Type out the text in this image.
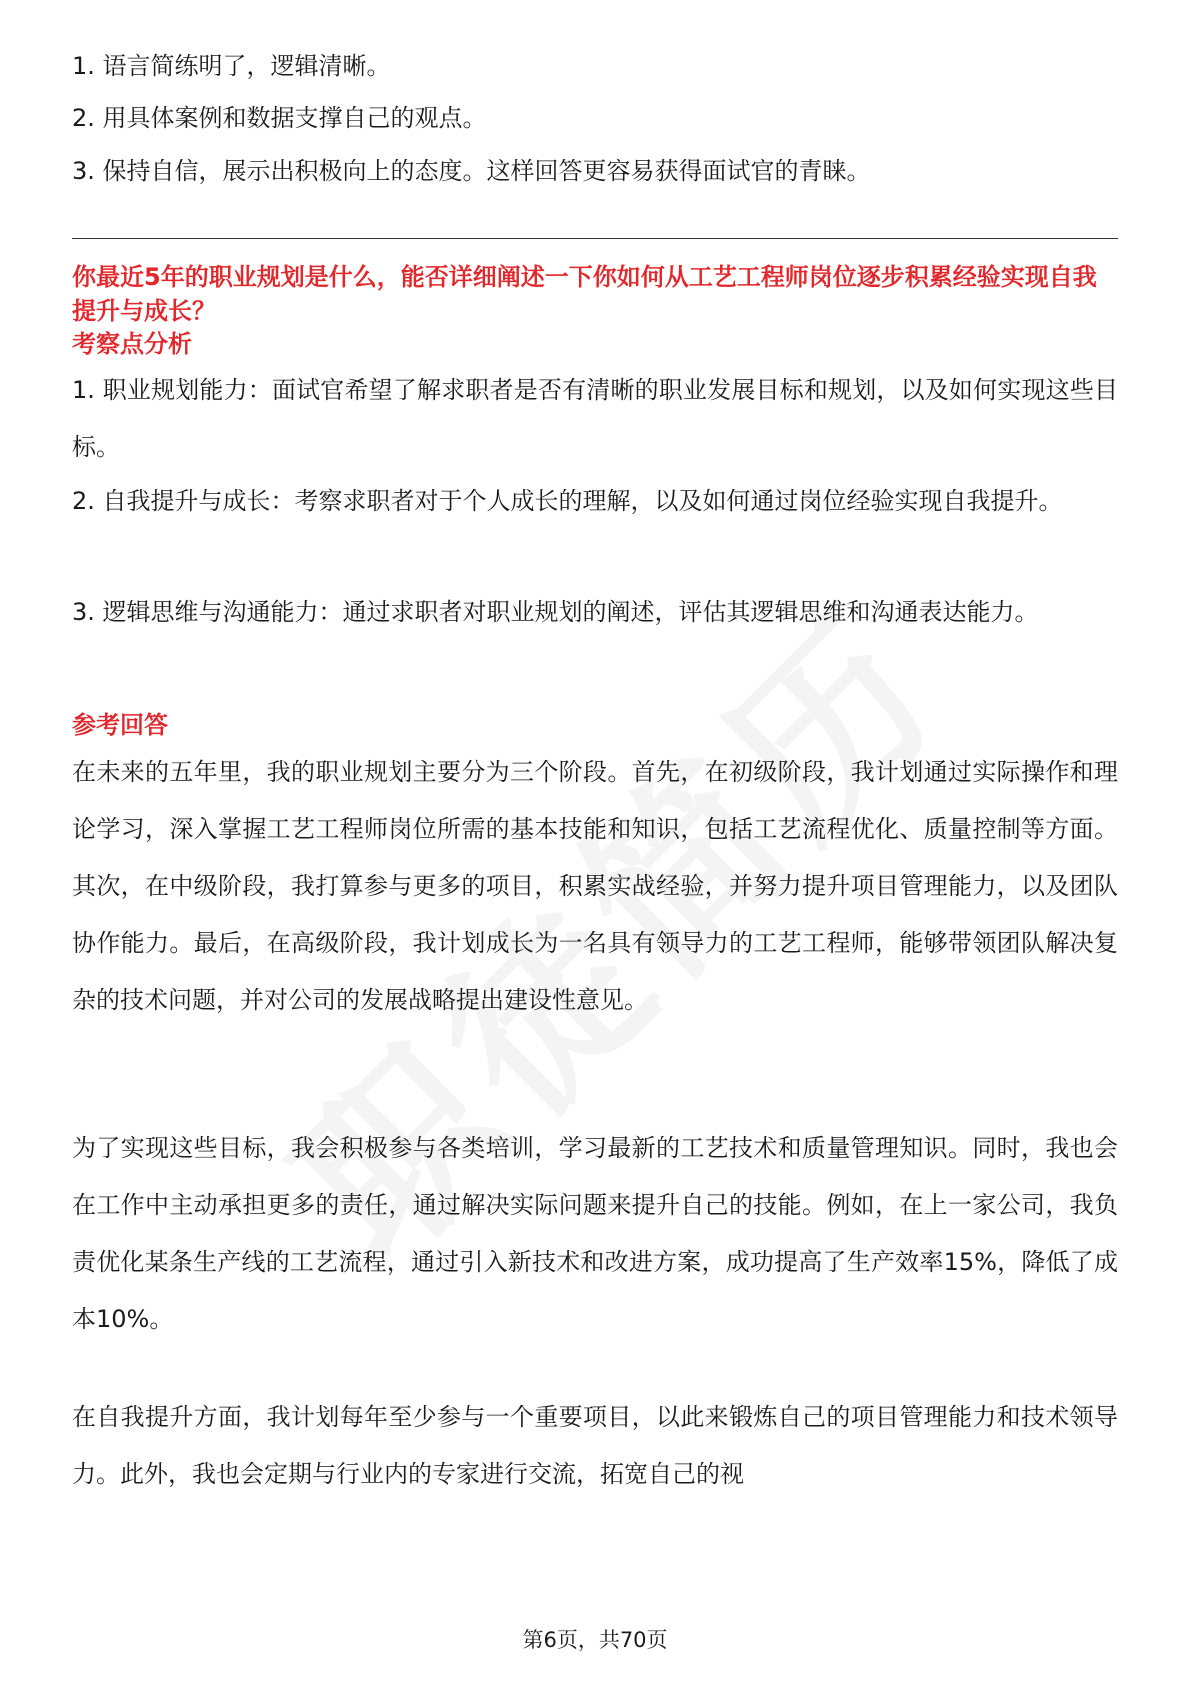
1. 语言简练明了，逻辑清晰。
2. 用具体案例和数据支撑自己的观点。
3. 保持自信，展示出积极向上的态度。这样回答更容易获得面试官的青睐。
你最近5年的职业规划是什么，能否详细阐述一下你如何从工艺工程师岗位逐步积累经验实现自我提升与成长？
考察点分析
1. 职业规划能力：面试官希望了解求职者是否有清晰的职业发展目标和规划，以及如何实现这些目标。
2. 自我提升与成长：考察求职者对于个人成长的理解，以及如何通过岗位经验实现自我提升。
3. 逻辑思维与沟通能力：通过求职者对职业规划的阐述，评估其逻辑思维和沟通表达能力。
参考回答
在未来的五年里，我的职业规划主要分为三个阶段。首先，在初级阶段，我计划通过实际操作和理论学习，深入掌握工艺工程师岗位所需的基本技能和知识，包括工艺流程优化、质量控制等方面。其次，在中级阶段，我打算参与更多的项目，积累实战经验，并努力提升项目管理能力，以及团队协作能力。最后，在高级阶段，我计划成长为一名具有领导力的工艺工程师，能够带领团队解决复杂的技术问题，并对公司的发展战略提出建设性意见。
为了实现这些目标，我会积极参与各类培训，学习最新的工艺技术和质量管理知识。同时，我也会在工作中主动承担更多的责任，通过解决实际问题来提升自己的技能。例如，在上一家公司，我负责优化某条生产线的工艺流程，通过引入新技术和改进方案，成功提高了生产效率15%，降低了成本10%。
在自我提升方面，我计划每年至少参与一个重要项目，以此来锻炼自己的项目管理能力和技术领导力。此外，我也会定期与行业内的专家进行交流，拓宽自己的视
第6页，共70页
